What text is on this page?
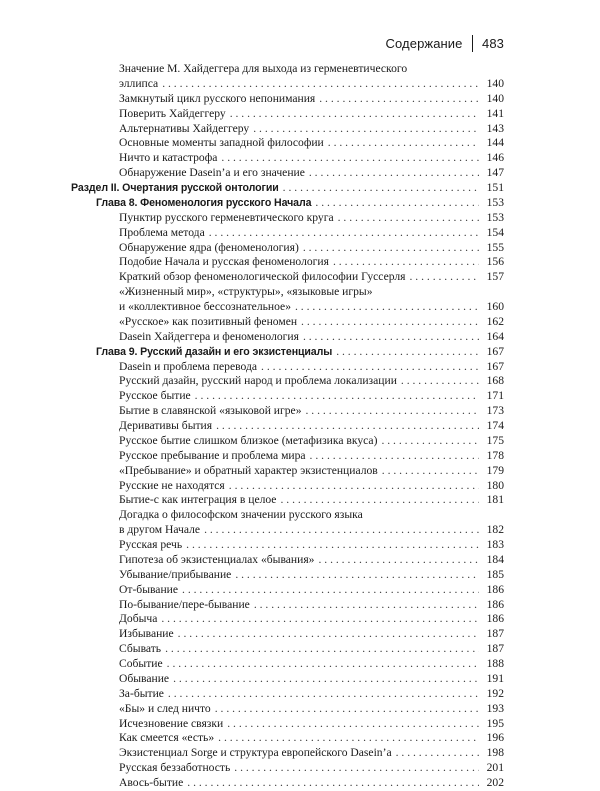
Содержание 483
Значение М. Хайдеггера для выхода из герменевтического
эллипса . . .	140
Замкнутый цикл русского непонимания . . .	140
Поверить Хайдеггеру . . .	141
Альтернативы Хайдеггеру . . .	143
Основные моменты западной философии . . .	144
Ничто и катастрофа . . .	146
Обнаружение Dasein’а и его значение . . .	147
Раздел II. Очертания русской онтологии . . .	151
Глава 8. Феноменология русского Начала . . .	153
Пунктир русского герменевтического круга . . .	153
Проблема метода . . .	154
Обнаружение ядра (феноменология) . . .	155
Подобие Начала и русская феноменология . . .	156
Краткий обзор феноменологической философии Гуссерля . . .	157
«Жизненный мир», «структуры», «языковые игры»
и «коллективное бессознательное» . . .	160
«Русское» как позитивный феномен . . .	162
Dasein Хайдеггера и феноменология . . .	164
Глава 9. Русский дазайн и его экзистенциалы . . .	167
Dasein и проблема перевода . . .	167
Русский дазайн, русский народ и проблема локализации . . .	168
Русское бытие . . .	171
Бытие в славянской «языковой игре» . . .	173
Деривативы бытия . . .	174
Русское бытие слишком близкое (метафизика вкуса) . . .	175
Русское пребывание и проблема мира . . .	178
«Пребывание» и обратный характер экзистенциалов . . .	179
Русские не находятся . . .	180
Бытие-с как интеграция в целое . . .	181
Догадка о философском значении русского языка
в другом Начале . . .	182
Русская речь . . .	183
Гипотеза об экзистенциалах «бывания» . . .	184
Убывание/прибывание . . .	185
От-бывание . . .	186
По-бывание/пере-бывание . . .	186
Добыча . . .	186
Избывание . . .	187
Сбывать . . .	187
Событие . . .	188
Обывание . . .	191
За-бытие . . .	192
«Бы» и след ничто . . .	193
Исчезновение связки . . .	195
Как смеется «есть» . . .	196
Экзистенциал Sorge и структура европейского Dasein’а . . .	198
Русская беззаботность . . .	201
Авось-бытие . . .	202
